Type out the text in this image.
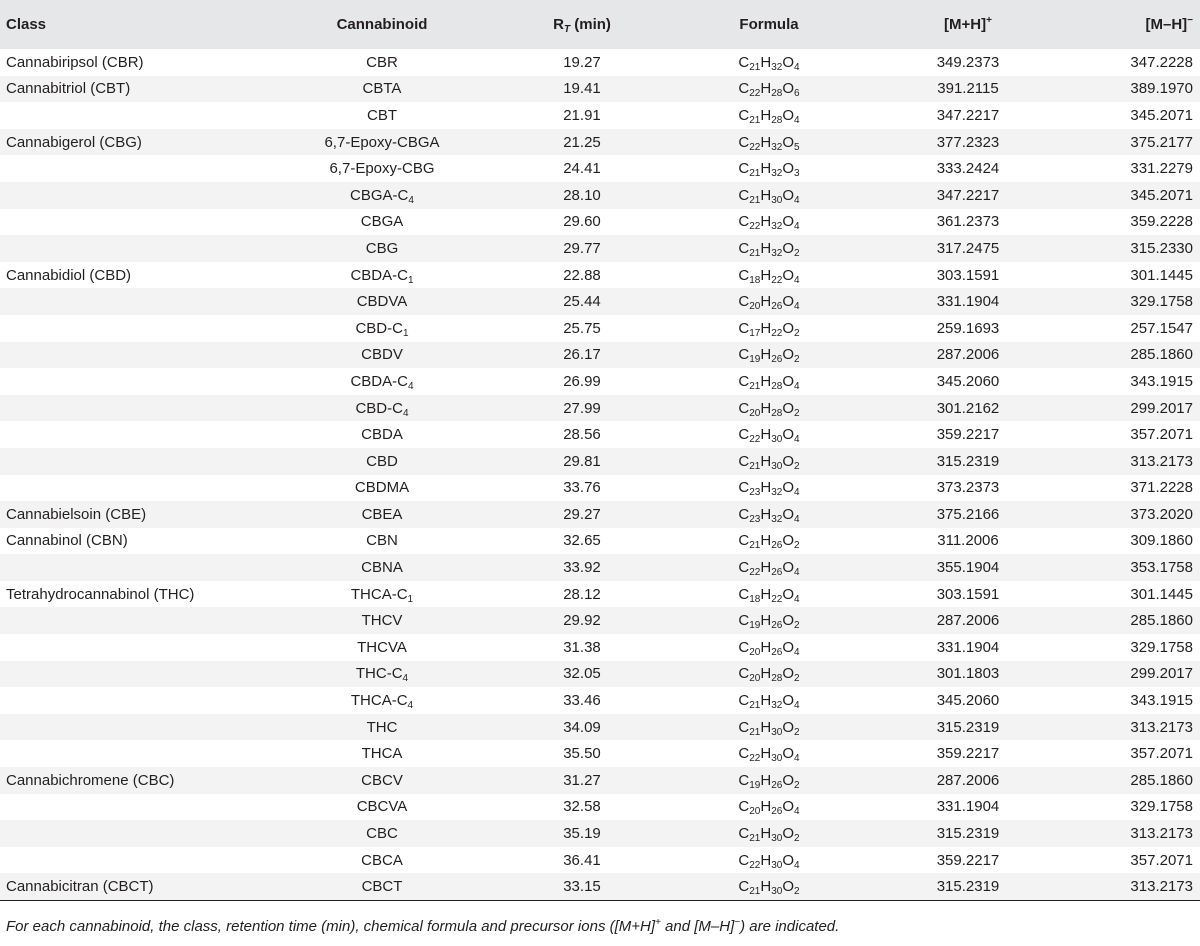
Class	Cannabinoid	$R_T$ (min)	Formula	[M+H]+	[M–H]−
Cannabiripsol (CBR)	CBR	19.27	$C_{21}H_{32}O_4$	349.2373	347.2228
Cannabitriol (CBT)	CBTA	19.41	$C_{22}H_{28}O_6$	391.2115	389.1970
	CBT	21.91	$C_{21}H_{28}O_4$	347.2217	345.2071
Cannabigerol (CBG)	6,7-Epoxy-CBGA	21.25	$C_{22}H_{32}O_5$	377.2323	375.2177
	6,7-Epoxy-CBG	24.41	$C_{21}H_{32}O_3$	333.2424	331.2279
	CBGA-$C_4$	28.10	$C_{21}H_{30}O_4$	347.2217	345.2071
	CBGA	29.60	$C_{22}H_{32}O_4$	361.2373	359.2228
	CBG	29.77	$C_{21}H_{32}O_2$	317.2475	315.2330
Cannabidiol (CBD)	CBDA-$C_1$	22.88	$C_{18}H_{22}O_4$	303.1591	301.1445
	CBDVA	25.44	$C_{20}H_{26}O_4$	331.1904	329.1758
	CBD-$C_1$	25.75	$C_{17}H_{22}O_2$	259.1693	257.1547
	CBDV	26.17	$C_{19}H_{26}O_2$	287.2006	285.1860
	CBDA-$C_4$	26.99	$C_{21}H_{28}O_4$	345.2060	343.1915
	CBD-$C_4$	27.99	$C_{20}H_{28}O_2$	301.2162	299.2017
	CBDA	28.56	$C_{22}H_{30}O_4$	359.2217	357.2071
	CBD	29.81	$C_{21}H_{30}O_2$	315.2319	313.2173
	CBDMA	33.76	$C_{23}H_{32}O_4$	373.2373	371.2228
Cannabielsoin (CBE)	CBEA	29.27	$C_{23}H_{32}O_4$	375.2166	373.2020
Cannabinol (CBN)	CBN	32.65	$C_{21}H_{26}O_2$	311.2006	309.1860
	CBNA	33.92	$C_{22}H_{26}O_4$	355.1904	353.1758
Tetrahydrocannabinol (THC)	THCA-$C_1$	28.12	$C_{18}H_{22}O_4$	303.1591	301.1445
	THCV	29.92	$C_{19}H_{26}O_2$	287.2006	285.1860
	THCVA	31.38	$C_{20}H_{26}O_4$	331.1904	329.1758
	THC-$C_4$	32.05	$C_{20}H_{28}O_2$	301.1803	299.2017
	THCA-$C_4$	33.46	$C_{21}H_{32}O_4$	345.2060	343.1915
	THC	34.09	$C_{21}H_{30}O_2$	315.2319	313.2173
	THCA	35.50	$C_{22}H_{30}O_4$	359.2217	357.2071
Cannabichromene (CBC)	CBCV	31.27	$C_{19}H_{26}O_2$	287.2006	285.1860
	CBCVA	32.58	$C_{20}H_{26}O_4$	331.1904	329.1758
	CBC	35.19	$C_{21}H_{30}O_2$	315.2319	313.2173
	CBCA	36.41	$C_{22}H_{30}O_4$	359.2217	357.2071
Cannabicitran (CBCT)	CBCT	33.15	$C_{21}H_{30}O_2$	315.2319	313.2173
For each cannabinoid, the class, retention time (min), chemical formula and precursor ions ([M+H]+ and [M–H]−) are indicated.
